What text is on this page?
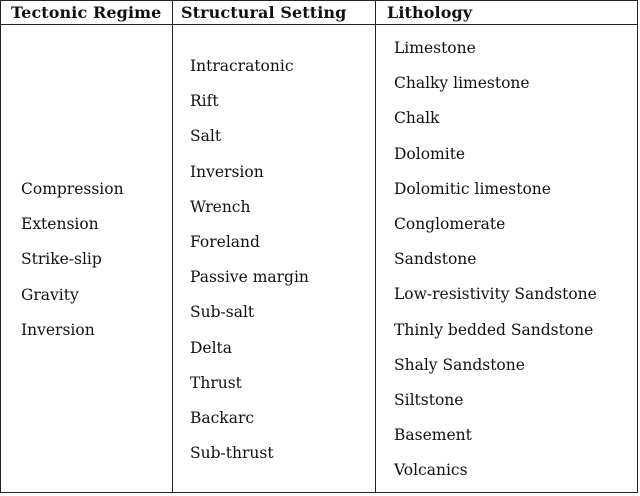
Tectonic Regime Structural Setting	Lithology
Compression
Extension
Strike-slip
Gravity
Inversion
Intracratonic
Rift
Salt
Inversion
Wrench
Foreland
Passive margin
Sub-salt
Delta
Thrust
Backarc
Sub-thrust
Limestone
Chalky limestone
Chalk
Dolomite
Dolomitic limestone
Conglomerate
Sandstone
Low-resistivity Sandstone
Thinly bedded Sandstone
Shaly Sandstone
Siltstone
Basement
Volcanics
